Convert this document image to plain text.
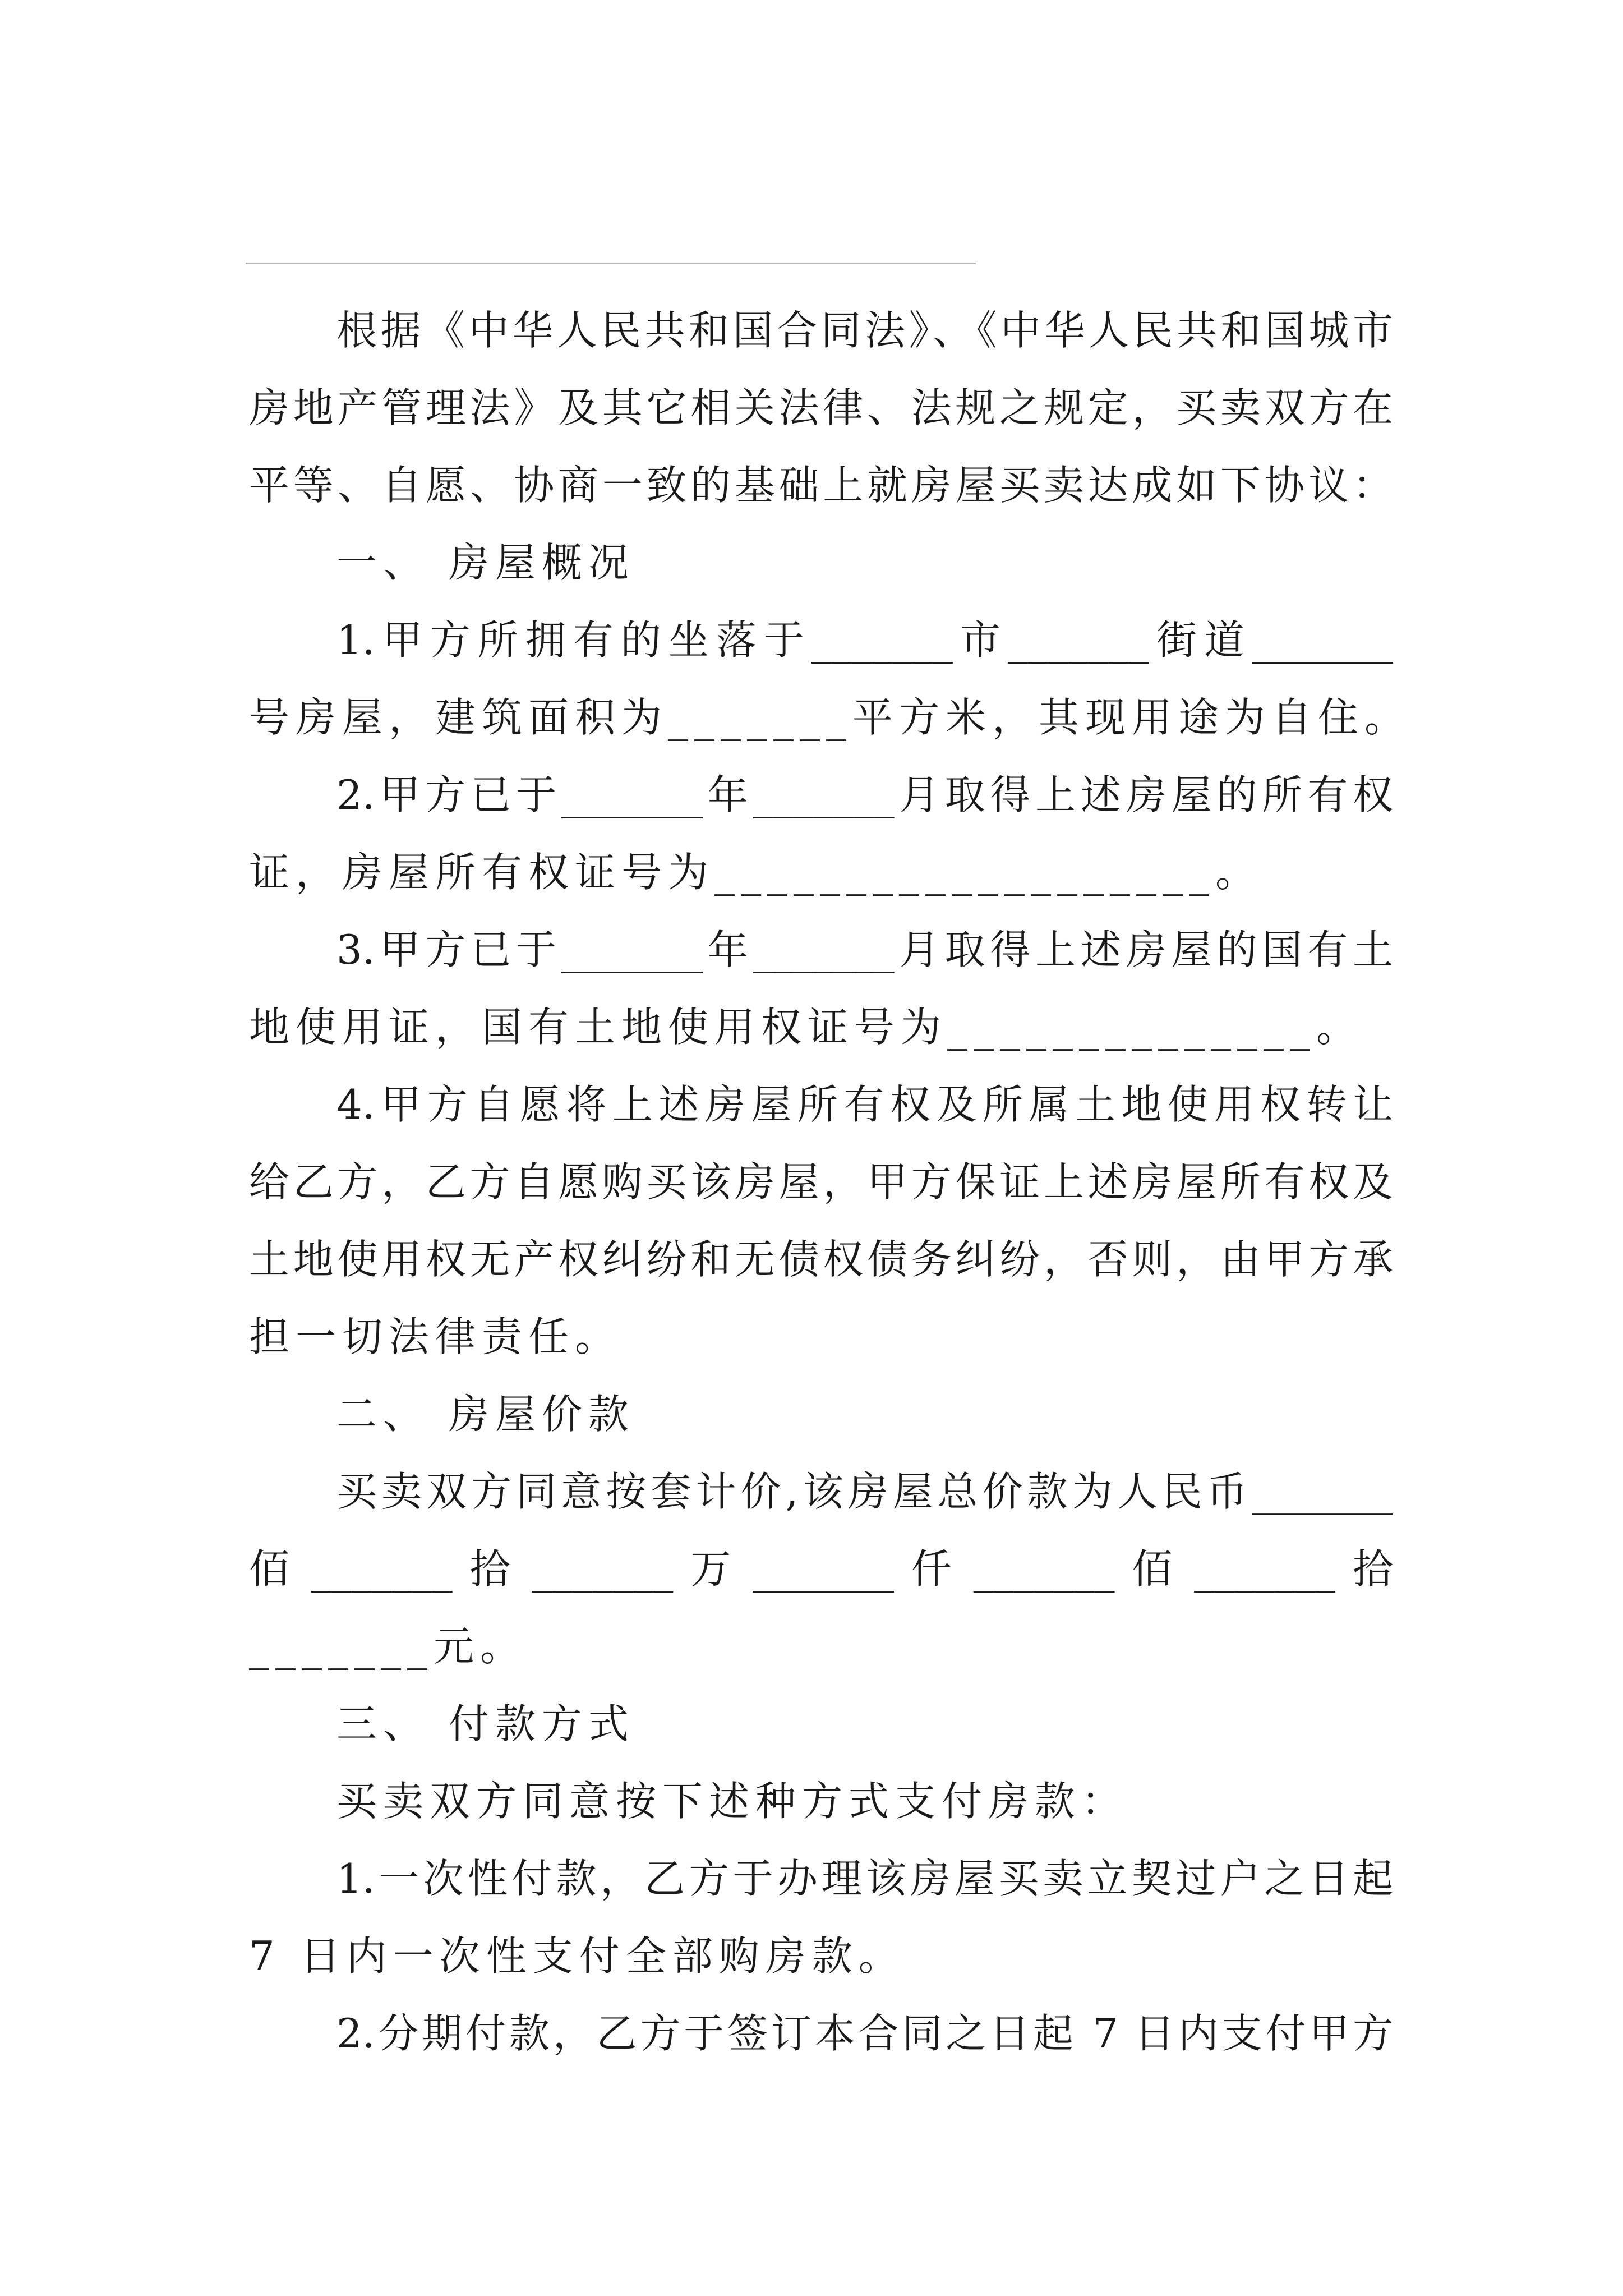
根据《中华人民共和国合同法》、《中华人民共和国城市
房地产管理法》及其它相关法律、法规之规定，买卖双方在
平等、自愿、协商一致的基础上就房屋买卖达成如下协议：
一、 房屋概况
1.甲方所拥有的坐落于_______市_______街道_______
号房屋，建筑面积为_______平方米，其现用途为自住。
2.甲方已于_______年_______月取得上述房屋的所有权
证，房屋所有权证号为___________________。
3.甲方已于_______年_______月取得上述房屋的国有土
地使用证，国有土地使用权证号为______________。
4.甲方自愿将上述房屋所有权及所属土地使用权转让
给乙方，乙方自愿购买该房屋，甲方保证上述房屋所有权及
土地使用权无产权纠纷和无债权债务纠纷，否则，由甲方承
担一切法律责任。
二、 房屋价款
买卖双方同意按套计价,该房屋总价款为人民币_______
佰 _______ 拾 _______ 万 _______ 仟 _______ 佰 _______ 拾
_______元。
三、 付款方式
买卖双方同意按下述种方式支付房款：
1.一次性付款，乙方于办理该房屋买卖立契过户之日起
7 日内一次性支付全部购房款。
2.分期付款，乙方于签订本合同之日起 7 日内支付甲方
